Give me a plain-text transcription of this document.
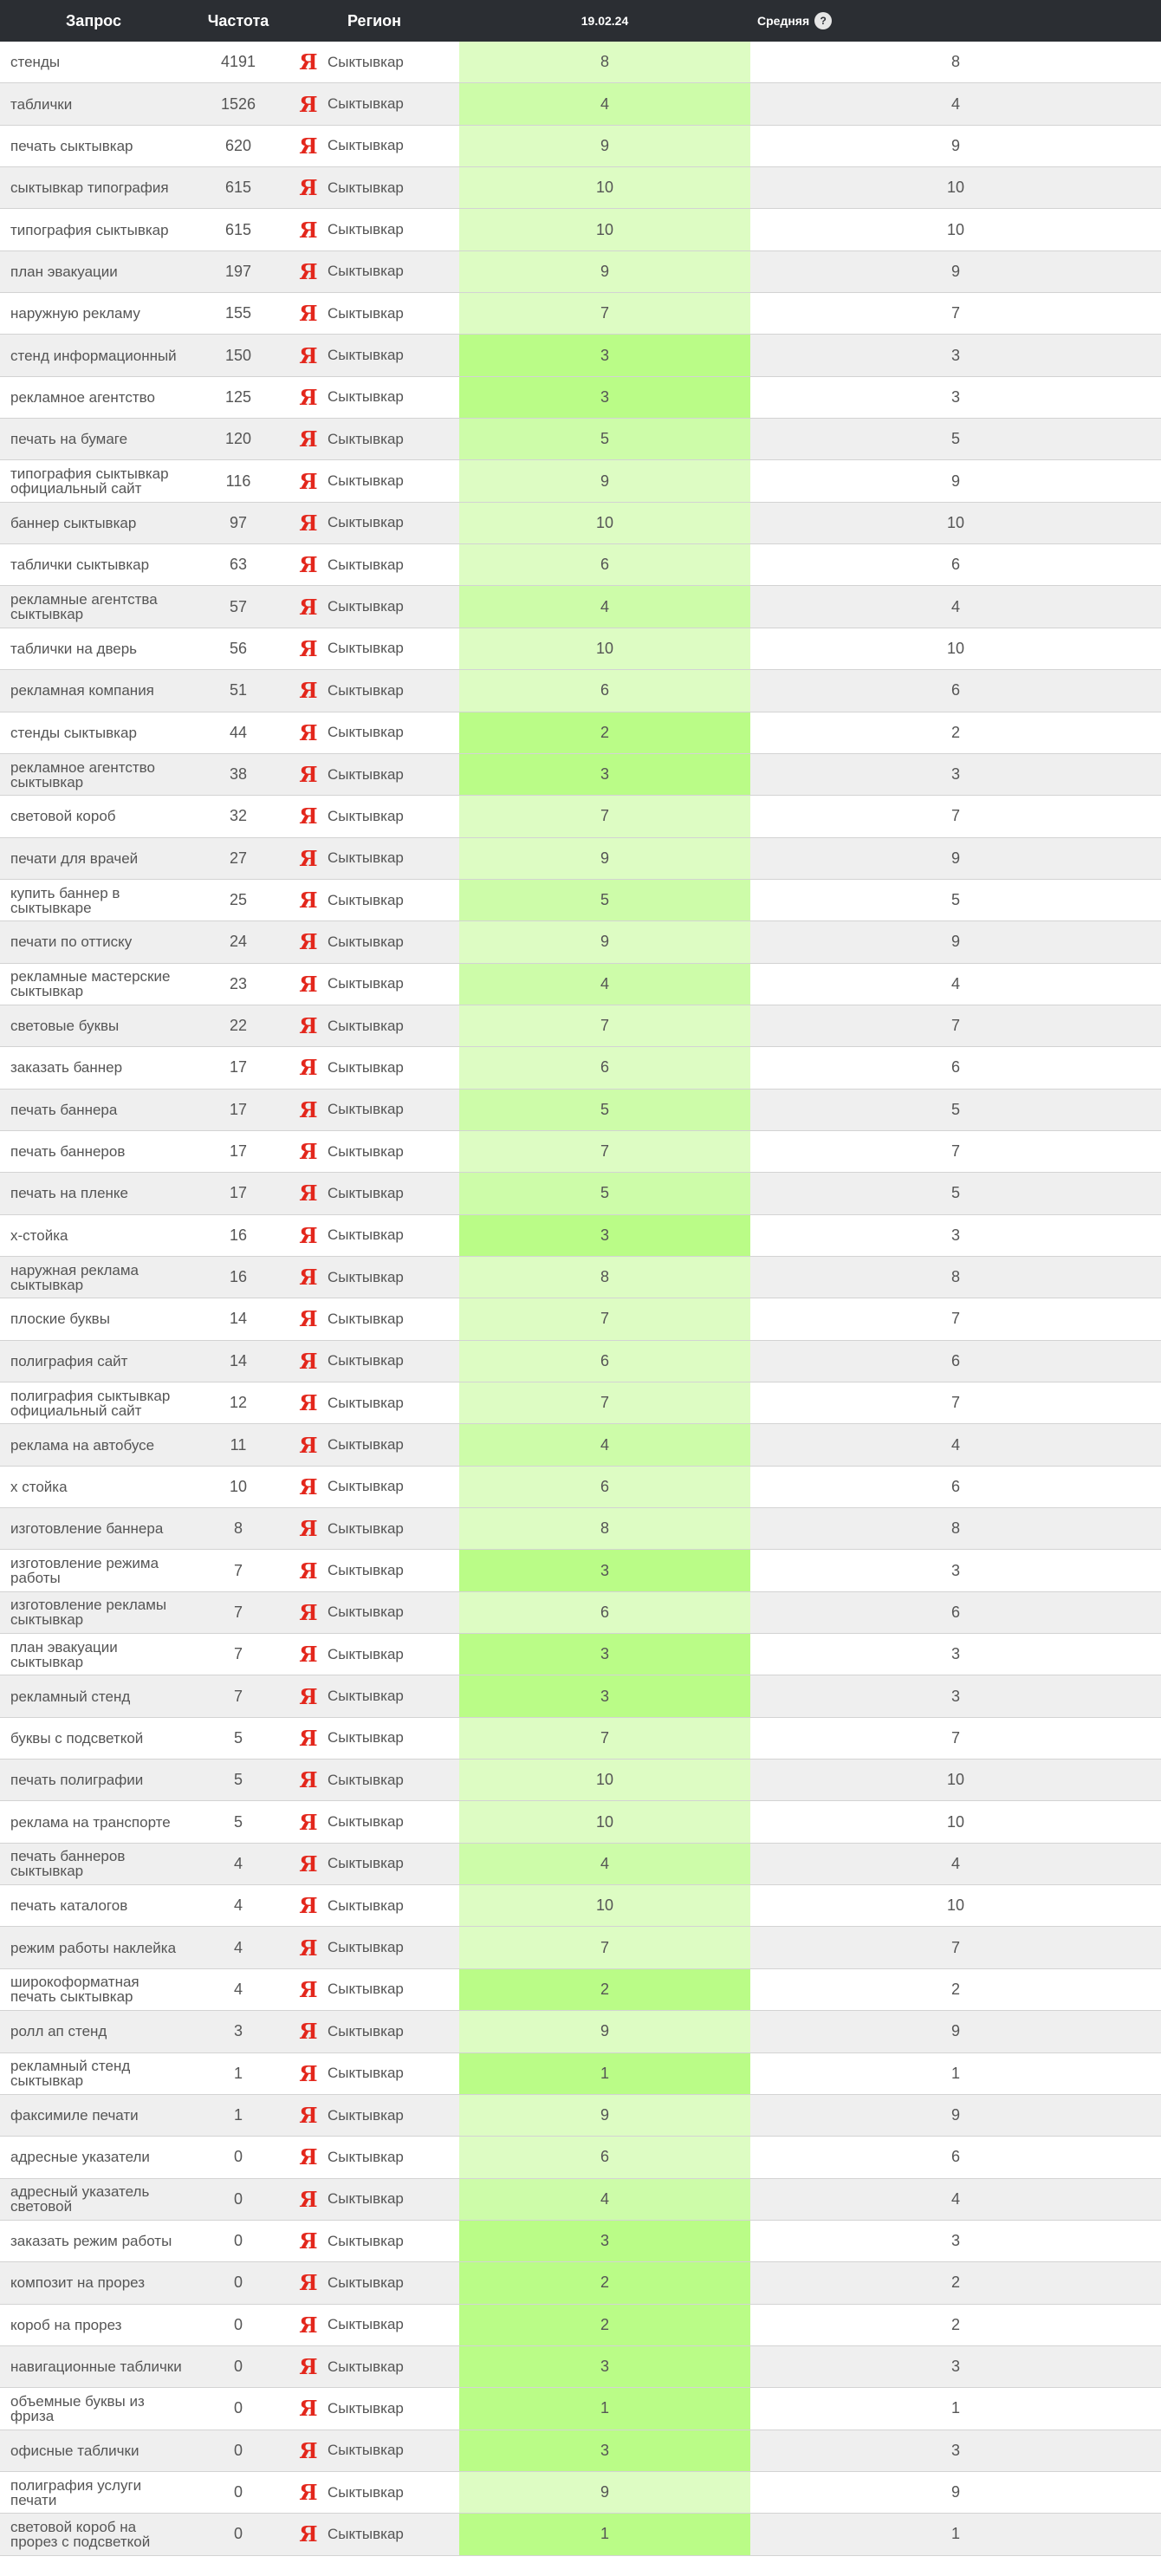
Запрос	Частота	Регион	19.02.24	Средняя	?
стенды	4191	Я Сыктывкар	8	8
таблички	1526	Я Сыктывкар	4	4
печать сыктывкар	620	Я Сыктывкар	9	9
сыктывкар типография	615	Я Сыктывкар	10	10
типография сыктывкар	615	Я Сыктывкар	10	10
план эвакуации	197	Я Сыктывкар	9	9
наружную рекламу	155	Я Сыктывкар	7	7
стенд информационный	150	Я Сыктывкар	3	3
рекламное агентство	125	Я Сыктывкар	3	3
печать на бумаге	120	Я Сыктывкар	5	5
типография сыктывкар официальный сайт	116	Я Сыктывкар	9	9
баннер сыктывкар	97	Я Сыктывкар	10	10
таблички сыктывкар	63	Я Сыктывкар	6	6
рекламные агентства сыктывкар	57	Я Сыктывкар	4	4
таблички на дверь	56	Я Сыктывкар	10	10
рекламная компания	51	Я Сыктывкар	6	6
стенды сыктывкар	44	Я Сыктывкар	2	2
рекламное агентство сыктывкар	38	Я Сыктывкар	3	3
световой короб	32	Я Сыктывкар	7	7
печати для врачей	27	Я Сыктывкар	9	9
купить баннер в сыктывкаре	25	Я Сыктывкар	5	5
печати по оттиску	24	Я Сыктывкар	9	9
рекламные мастерские сыктывкар	23	Я Сыктывкар	4	4
световые буквы	22	Я Сыктывкар	7	7
заказать баннер	17	Я Сыктывкар	6	6
печать баннера	17	Я Сыктывкар	5	5
печать баннеров	17	Я Сыктывкар	7	7
печать на пленке	17	Я Сыктывкар	5	5
x-стойка	16	Я Сыктывкар	3	3
наружная реклама сыктывкар	16	Я Сыктывкар	8	8
плоские буквы	14	Я Сыктывкар	7	7
полиграфия сайт	14	Я Сыктывкар	6	6
полиграфия сыктывкар официальный сайт	12	Я Сыктывкар	7	7
реклама на автобусе	11	Я Сыктывкар	4	4
x стойка	10	Я Сыктывкар	6	6
изготовление баннера	8	Я Сыктывкар	8	8
изготовление режима работы	7	Я Сыктывкар	3	3
изготовление рекламы сыктывкар	7	Я Сыктывкар	6	6
план эвакуации сыктывкар	7	Я Сыктывкар	3	3
рекламный стенд	7	Я Сыктывкар	3	3
буквы с подсветкой	5	Я Сыктывкар	7	7
печать полиграфии	5	Я Сыктывкар	10	10
реклама на транспорте	5	Я Сыктывкар	10	10
печать баннеров сыктывкар	4	Я Сыктывкар	4	4
печать каталогов	4	Я Сыктывкар	10	10
режим работы наклейка	4	Я Сыктывкар	7	7
широкоформатная печать сыктывкар	4	Я Сыктывкар	2	2
ролл ап стенд	3	Я Сыктывкар	9	9
рекламный стенд сыктывкар	1	Я Сыктывкар	1	1
факсимиле печати	1	Я Сыктывкар	9	9
адресные указатели	0	Я Сыктывкар	6	6
адресный указатель световой	0	Я Сыктывкар	4	4
заказать режим работы	0	Я Сыктывкар	3	3
композит на прорез	0	Я Сыктывкар	2	2
короб на прорез	0	Я Сыктывкар	2	2
навигационные таблички	0	Я Сыктывкар	3	3
объемные буквы из фриза	0	Я Сыктывкар	1	1
офисные таблички	0	Я Сыктывкар	3	3
полиграфия услуги печати	0	Я Сыктывкар	9	9
световой короб на прорез с подсветкой	0	Я Сыктывкар	1	1
